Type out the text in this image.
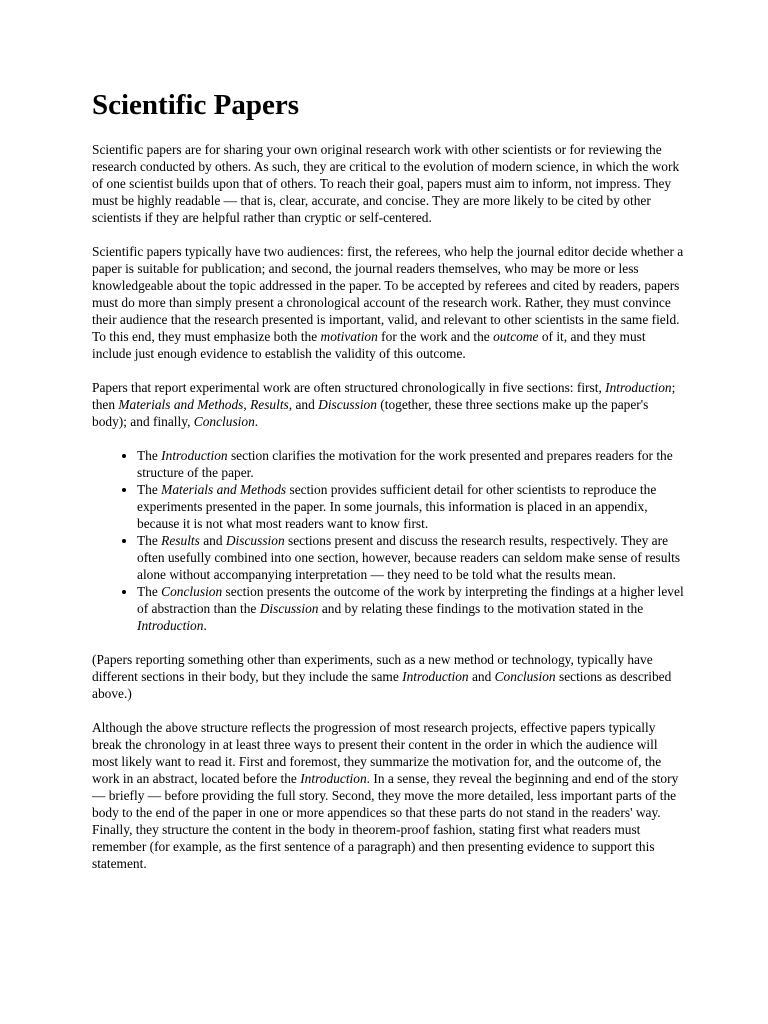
Scientific Papers

Scientific papers are for sharing your own original research work with other scientists or for reviewing the research conducted by others. As such, they are critical to the evolution of modern science, in which the work of one scientist builds upon that of others. To reach their goal, papers must aim to inform, not impress. They must be highly readable — that is, clear, accurate, and concise. They are more likely to be cited by other scientists if they are helpful rather than cryptic or self-centered.

Scientific papers typically have two audiences: first, the referees, who help the journal editor decide whether a paper is suitable for publication; and second, the journal readers themselves, who may be more or less knowledgeable about the topic addressed in the paper. To be accepted by referees and cited by readers, papers must do more than simply present a chronological account of the research work. Rather, they must convince their audience that the research presented is important, valid, and relevant to other scientists in the same field. To this end, they must emphasize both the motivation for the work and the outcome of it, and they must include just enough evidence to establish the validity of this outcome.

Papers that report experimental work are often structured chronologically in five sections: first, Introduction; then Materials and Methods, Results, and Discussion (together, these three sections make up the paper's body); and finally, Conclusion.

• The Introduction section clarifies the motivation for the work presented and prepares readers for the structure of the paper.
• The Materials and Methods section provides sufficient detail for other scientists to reproduce the experiments presented in the paper. In some journals, this information is placed in an appendix, because it is not what most readers want to know first.
• The Results and Discussion sections present and discuss the research results, respectively. They are often usefully combined into one section, however, because readers can seldom make sense of results alone without accompanying interpretation — they need to be told what the results mean.
• The Conclusion section presents the outcome of the work by interpreting the findings at a higher level of abstraction than the Discussion and by relating these findings to the motivation stated in the Introduction.

(Papers reporting something other than experiments, such as a new method or technology, typically have different sections in their body, but they include the same Introduction and Conclusion sections as described above.)

Although the above structure reflects the progression of most research projects, effective papers typically break the chronology in at least three ways to present their content in the order in which the audience will most likely want to read it. First and foremost, they summarize the motivation for, and the outcome of, the work in an abstract, located before the Introduction. In a sense, they reveal the beginning and end of the story — briefly — before providing the full story. Second, they move the more detailed, less important parts of the body to the end of the paper in one or more appendices so that these parts do not stand in the readers' way. Finally, they structure the content in the body in theorem-proof fashion, stating first what readers must remember (for example, as the first sentence of a paragraph) and then presenting evidence to support this statement.
